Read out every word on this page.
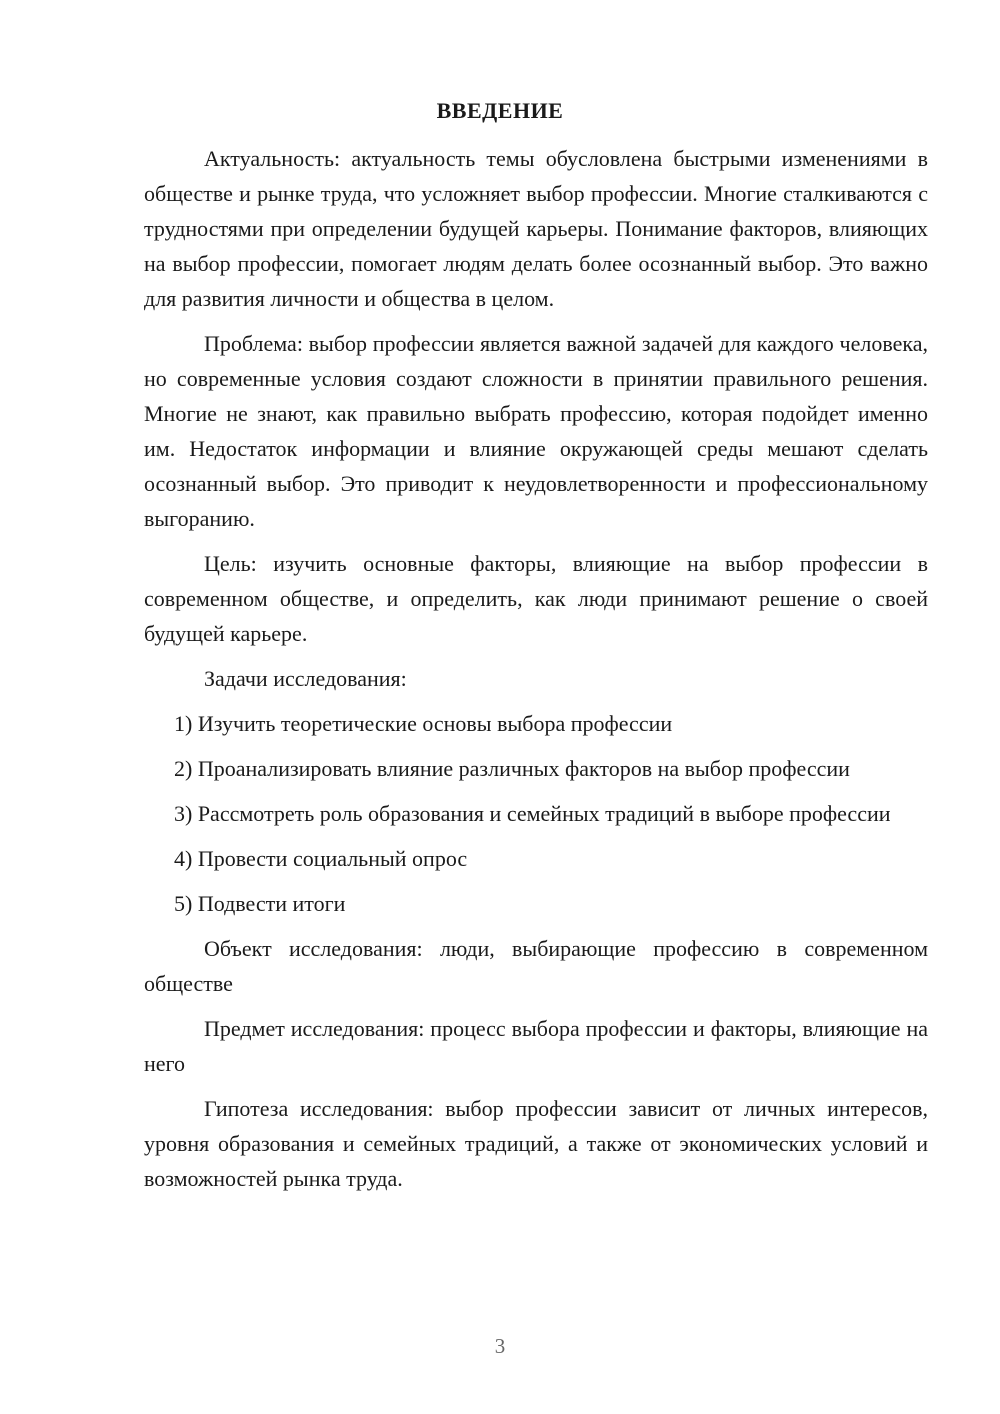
ВВЕДЕНИЕ

Актуальность: актуальность темы обусловлена быстрыми изменениями в обществе и рынке труда, что усложняет выбор профессии. Многие сталкиваются с трудностями при определении будущей карьеры. Понимание факторов, влияющих на выбор профессии, помогает людям делать более осознанный выбор. Это важно для развития личности и общества в целом.

Проблема: выбор профессии является важной задачей для каждого человека, но современные условия создают сложности в принятии правильного решения. Многие не знают, как правильно выбрать профессию, которая подойдет именно им. Недостаток информации и влияние окружающей среды мешают сделать осознанный выбор. Это приводит к неудовлетворенности и профессиональному выгоранию.

Цель: изучить основные факторы, влияющие на выбор профессии в современном обществе, и определить, как люди принимают решение о своей будущей карьере.

Задачи исследования:

1) Изучить теоретические основы выбора профессии

2) Проанализировать влияние различных факторов на выбор профессии

3) Рассмотреть роль образования и семейных традиций в выборе профессии

4) Провести социальный опрос

5) Подвести итоги

Объект исследования: люди, выбирающие профессию в современном обществе

Предмет исследования: процесс выбора профессии и факторы, влияющие на него

Гипотеза исследования: выбор профессии зависит от личных интересов, уровня образования и семейных традиций, а также от экономических условий и возможностей рынка труда.

3
